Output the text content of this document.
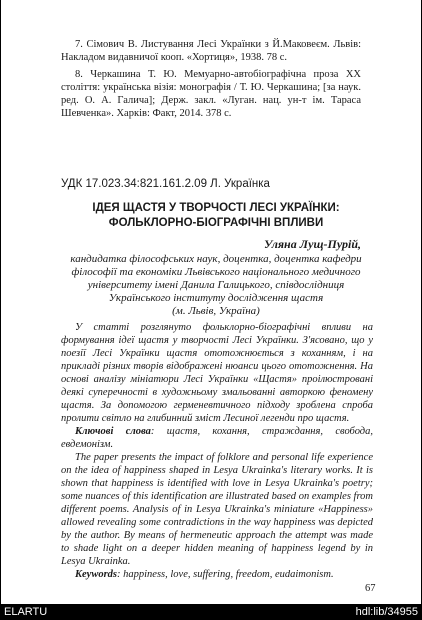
7. Сімович В. Листування Лесі Українки з Й.Маковеєм. Львів: Накладом видавничої кооп. «Хортиця», 1938. 78 с.

8. Черкашина Т. Ю. Мемуарно-автобіографічна проза ХХ століття: українська візія: монографія / Т. Ю. Черкашина; [за наук. ред. О. А. Галича]; Держ. закл. «Луган. нац. ун-т ім. Тараса Шевченка». Харків: Факт, 2014. 378 с.

УДК 17.023.34:821.161.2.09 Л. Українка
ІДЕЯ ЩАСТЯ У ТВОРЧОСТІ ЛЕСІ УКРАЇНКИ: ФОЛЬКЛОРНО-БІОГРАФІЧНІ ВПЛИВИ
Уляна Лущ-Пурій,
кандидатка філософських наук, доцентка, доцентка кафедри філософії та економіки Львівського національного медичного університету імені Данила Галицького, співдослідниця Українського інституту дослідження щастя
(м. Львів, Україна)

У статті розглянуто фольклорно-біографічні впливи на формування ідеї щастя у творчості Лесі Українки. З'ясовано, що у поезії Лесі Українки щастя ототожнюється з коханням, і на прикладі різних творів відображені нюанси цього ототожнення. На основі аналізу мініатюри Лесі Українки «Щастя» проілюстровані деякі суперечності в художньому змальованні авторкою феномену щастя. За допомогою герменевтичного підходу зроблена спроба пролити світло на глибинний зміст Лесиної легенди про щастя.

Ключові слова: щастя, кохання, страждання, свобода, евдемонізм.

The paper presents the impact of folklore and personal life experience on the idea of happiness shaped in Lesya Ukrainka's literary works. It is shown that happiness is identified with love in Lesya Ukrainka's poetry; some nuances of this identification are illustrated based on examples from different poems. Analysis of in Lesya Ukrainka's miniature «Happiness» allowed revealing some contradictions in the way happiness was depicted by the author. By means of hermeneutic approach the attempt was made to shade light on a deeper hidden meaning of happiness legend by in Lesya Ukrainka.

Keywords: happiness, love, suffering, freedom, eudaimonism.

67
ELARTU	hdl:lib/34955
